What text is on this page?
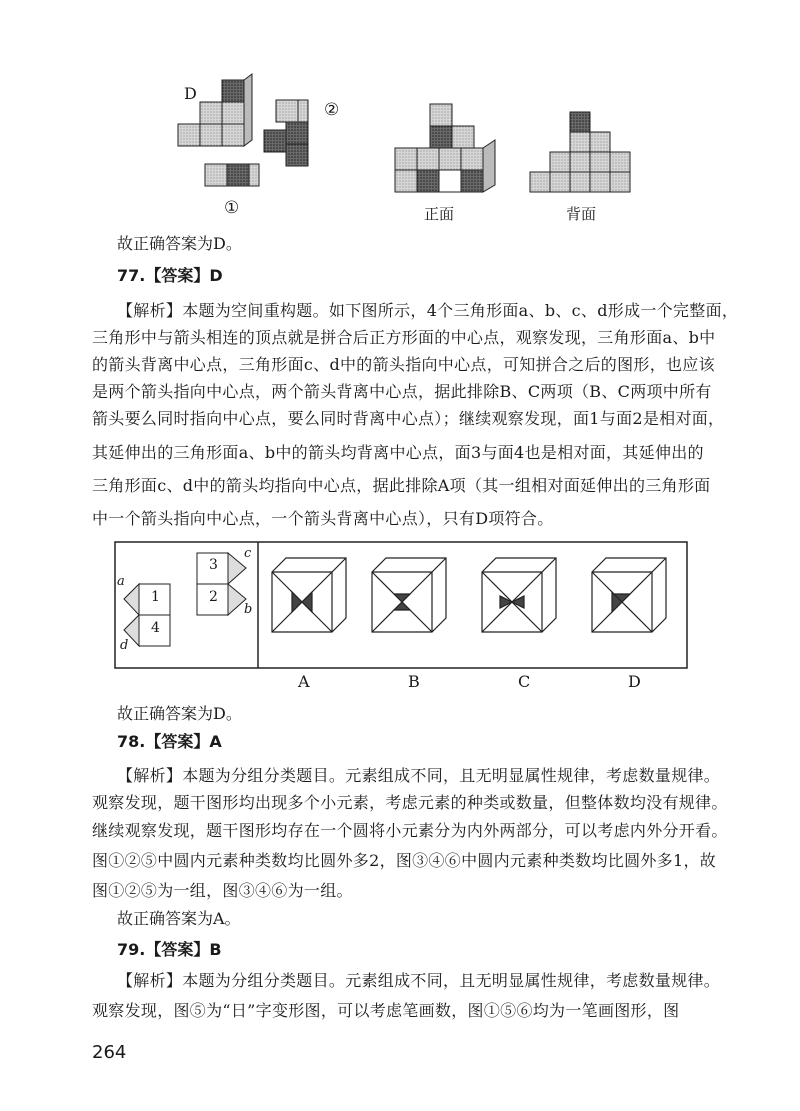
D
②
①	正面	背面
故正确答案为D。
77.【答案】D

【解析】本题为空间重构题。如下图所示，4个三角形面a、b、c、d形成一个完整面，

三角形中与箭头相连的顶点就是拼合后正方形面的中心点，观察发现，三角形面a、b中

的箭头背离中心点，三角形面c、d中的箭头指向中心点，可知拼合之后的图形，也应该

是两个箭头指向中心点，两个箭头背离中心点，据此排除B、C两项（B、C两项中所有

箭头要么同时指向中心点，要么同时背离中心点）；继续观察发现，面1与面2是相对面，

其延伸出的三角形面a、b中的箭头均背离中心点，面3与面4也是相对面，其延伸出的

三角形面c、d中的箭头均指向中心点，据此排除A项（其一组相对面延伸出的三角形面

中一个箭头指向中心点，一个箭头背离中心点），只有D项符合。

c
a
b
d
3
1	2
4
A	B	C	D
故正确答案为D。
78.【答案】A

【解析】本题为分组分类题目。元素组成不同，且无明显属性规律，考虑数量规律。

观察发现，题干图形均出现多个小元素，考虑元素的种类或数量，但整体数均没有规律。

继续观察发现，题干图形均存在一个圆将小元素分为内外两部分，可以考虑内外分开看。

图①②⑤中圆内元素种类数均比圆外多2，图③④⑥中圆内元素种类数均比圆外多1，故

图①②⑤为一组，图③④⑥为一组。

故正确答案为A。
79.【答案】B

【解析】本题为分组分类题目。元素组成不同，且无明显属性规律，考虑数量规律。

观察发现，图⑤为“日”字变形图，可以考虑笔画数，图①⑤⑥均为一笔画图形，图

264
